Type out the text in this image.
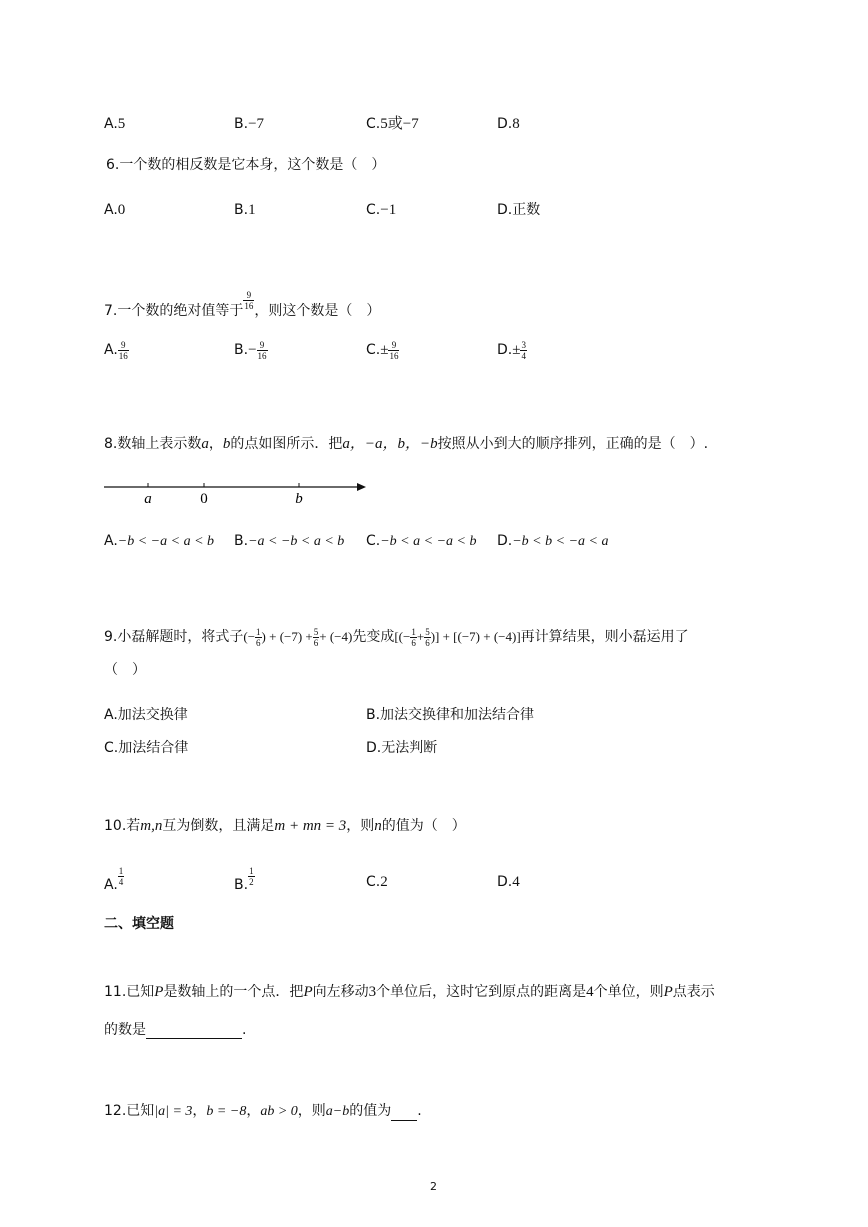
A.5	B.−7	C.5或−7	D.8
6.一个数的相反数是它本身，这个数是（　）
A.0	B.1	C.−1	D.正数
7.一个数的绝对值等于 $\frac{9}{16}$ ，则这个数是（　）
A. $\frac{9}{16}$	$B.- \frac{9}{16}$	$C.\pm \frac{9}{16}$	$D.\pm \frac{3}{4}$
8.数轴上表示数a，b的点如图所示．把a，−a，b，−b按照从小到大的顺序排列，正确的是（　）.
a	0	b
A.−b < −a < a < b B.−a < −b < a < b C.−b < a < −a < b D.−b < b < −a < a
9.小磊解题时，将式子(− $\frac{1}{6}$ ) + $(-7) + \frac{5}{6} + (-4)$先变成[(− $\frac{1}{6} + \frac{5}{6}$ )] + [(−7) + (−4)]再计算结果，则小磊运用了
（　）
A.加法交换律	B.加法交换律和加法结合律
C.加法结合律	D.无法判断
10.若m,n互为倒数，且满足m + mn = 3，则n的值为（　）
A. $\frac{1}{4}$	B. $\frac{1}{2}$	C.2	D.4
二、填空题
11.已知P是数轴上的一个点．把P向左移动3个单位后，这时它到原点的距离是4个单位，则P点表示
的数是	.
12.已知|a| = 3，b = −8，ab > 0，则a−b的值为 .
2
